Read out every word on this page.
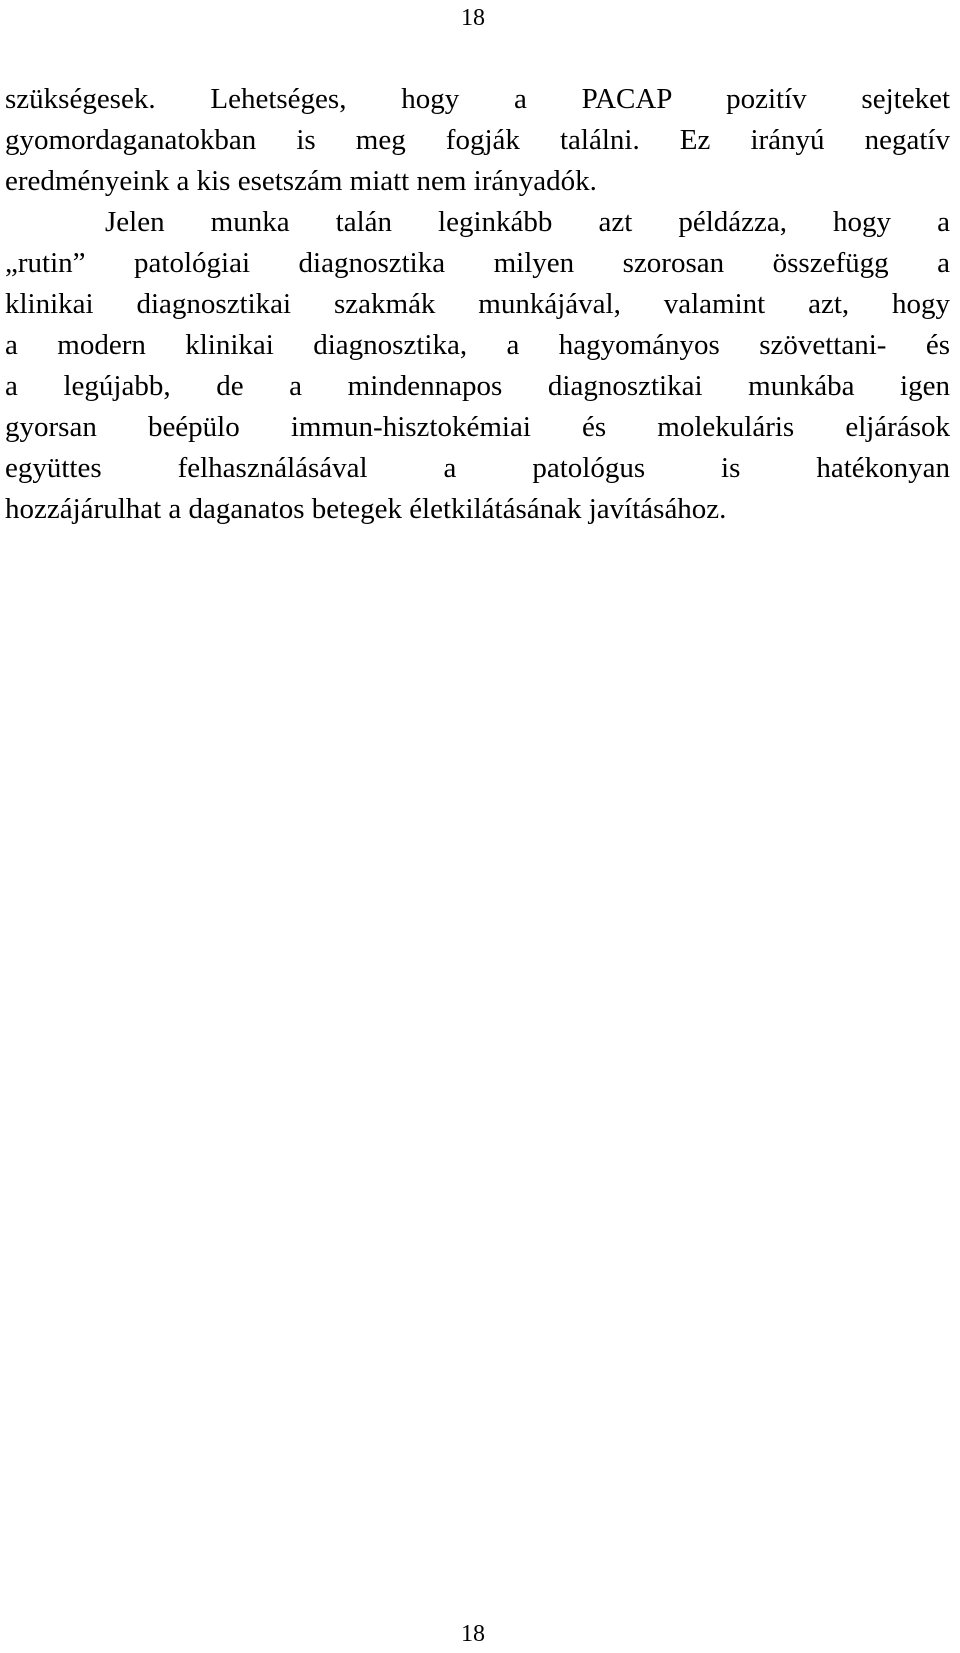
18
szükségesek. Lehetséges, hogy a PACAP pozitív sejteket
gyomordaganatokban is meg fogják találni. Ez irányú negatív
eredményeink a kis esetszám miatt nem irányadók.
Jelen munka talán leginkább azt példázza, hogy a
„rutin” patológiai diagnosztika milyen szorosan összefügg a
klinikai diagnosztikai szakmák munkájával, valamint azt, hogy
a modern klinikai diagnosztika, a hagyományos szövettani- és
a legújabb, de a mindennapos diagnosztikai munkába igen
gyorsan beépülo immun-hisztokémiai és molekuláris eljárások
együttes felhasználásával a patológus is hatékonyan
hozzájárulhat a daganatos betegek életkilátásának javításához.
18
